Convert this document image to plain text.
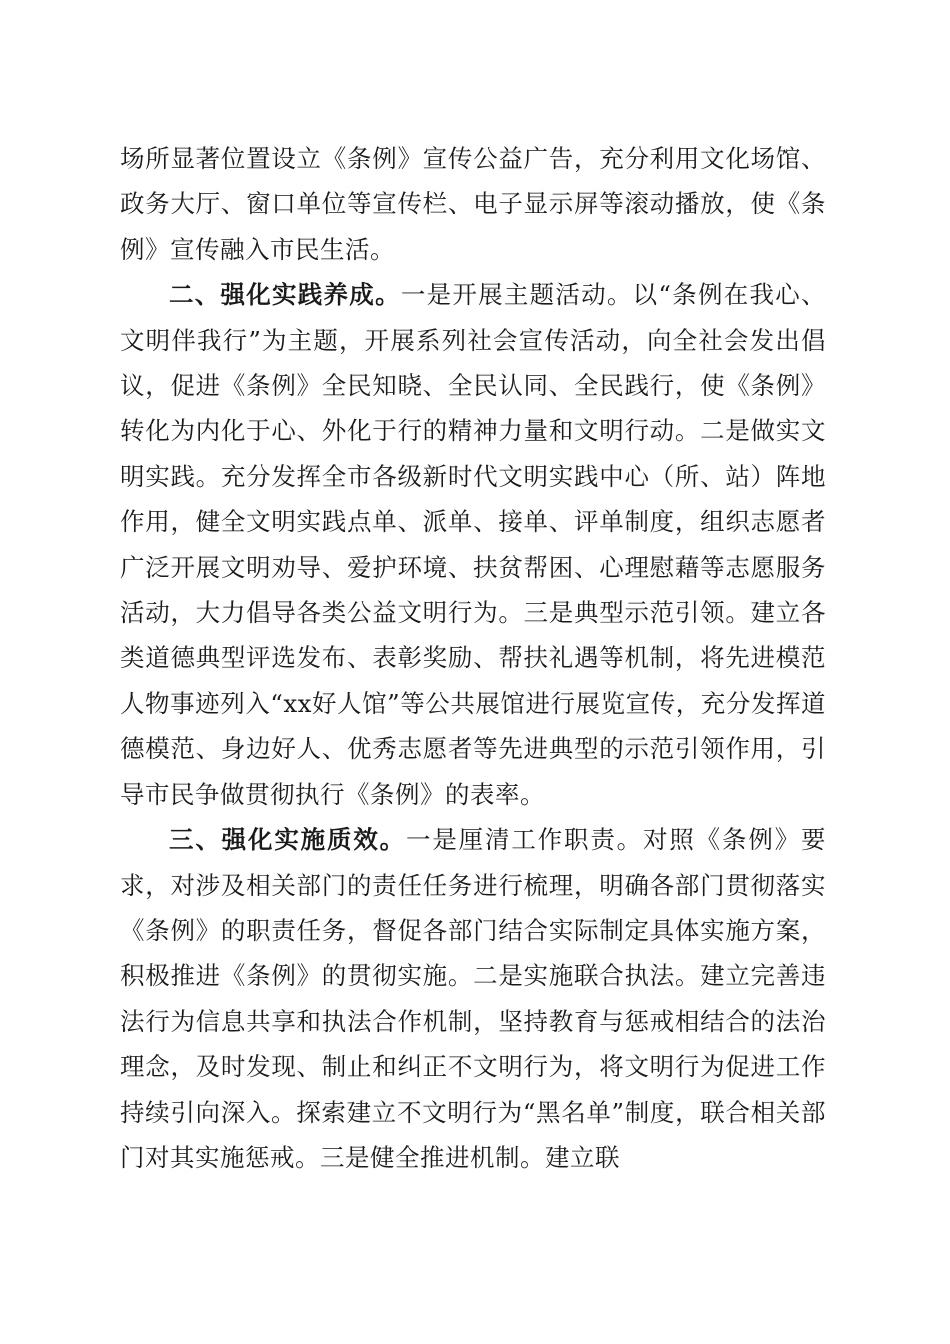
场所显著位置设立《条例》宣传公益广告，充分利用文化场馆、政务大厅、窗口单位等宣传栏、电子显示屏等滚动播放，使《条例》宣传融入市民生活。

二、强化实践养成。一是开展主题活动。以“条例在我心、文明伴我行”为主题，开展系列社会宣传活动，向全社会发出倡议，促进《条例》全民知晓、全民认同、全民践行，使《条例》转化为内化于心、外化于行的精神力量和文明行动。二是做实文明实践。充分发挥全市各级新时代文明实践中心（所、站）阵地作用，健全文明实践点单、派单、接单、评单制度，组织志愿者广泛开展文明劝导、爱护环境、扶贫帮困、心理慰藉等志愿服务活动，大力倡导各类公益文明行为。三是典型示范引领。建立各类道德典型评选发布、表彰奖励、帮扶礼遇等机制，将先进模范人物事迹列入“xx好人馆”等公共展馆进行展览宣传，充分发挥道德模范、身边好人、优秀志愿者等先进典型的示范引领作用，引导市民争做贯彻执行《条例》的表率。

三、强化实施质效。一是厘清工作职责。对照《条例》要求，对涉及相关部门的责任任务进行梳理，明确各部门贯彻落实《条例》的职责任务，督促各部门结合实际制定具体实施方案，积极推进《条例》的贯彻实施。二是实施联合执法。建立完善违法行为信息共享和执法合作机制，坚持教育与惩戒相结合的法治理念，及时发现、制止和纠正不文明行为，将文明行为促进工作持续引向深入。探索建立不文明行为“黑名单”制度，联合相关部门对其实施惩戒。三是健全推进机制。建立联
